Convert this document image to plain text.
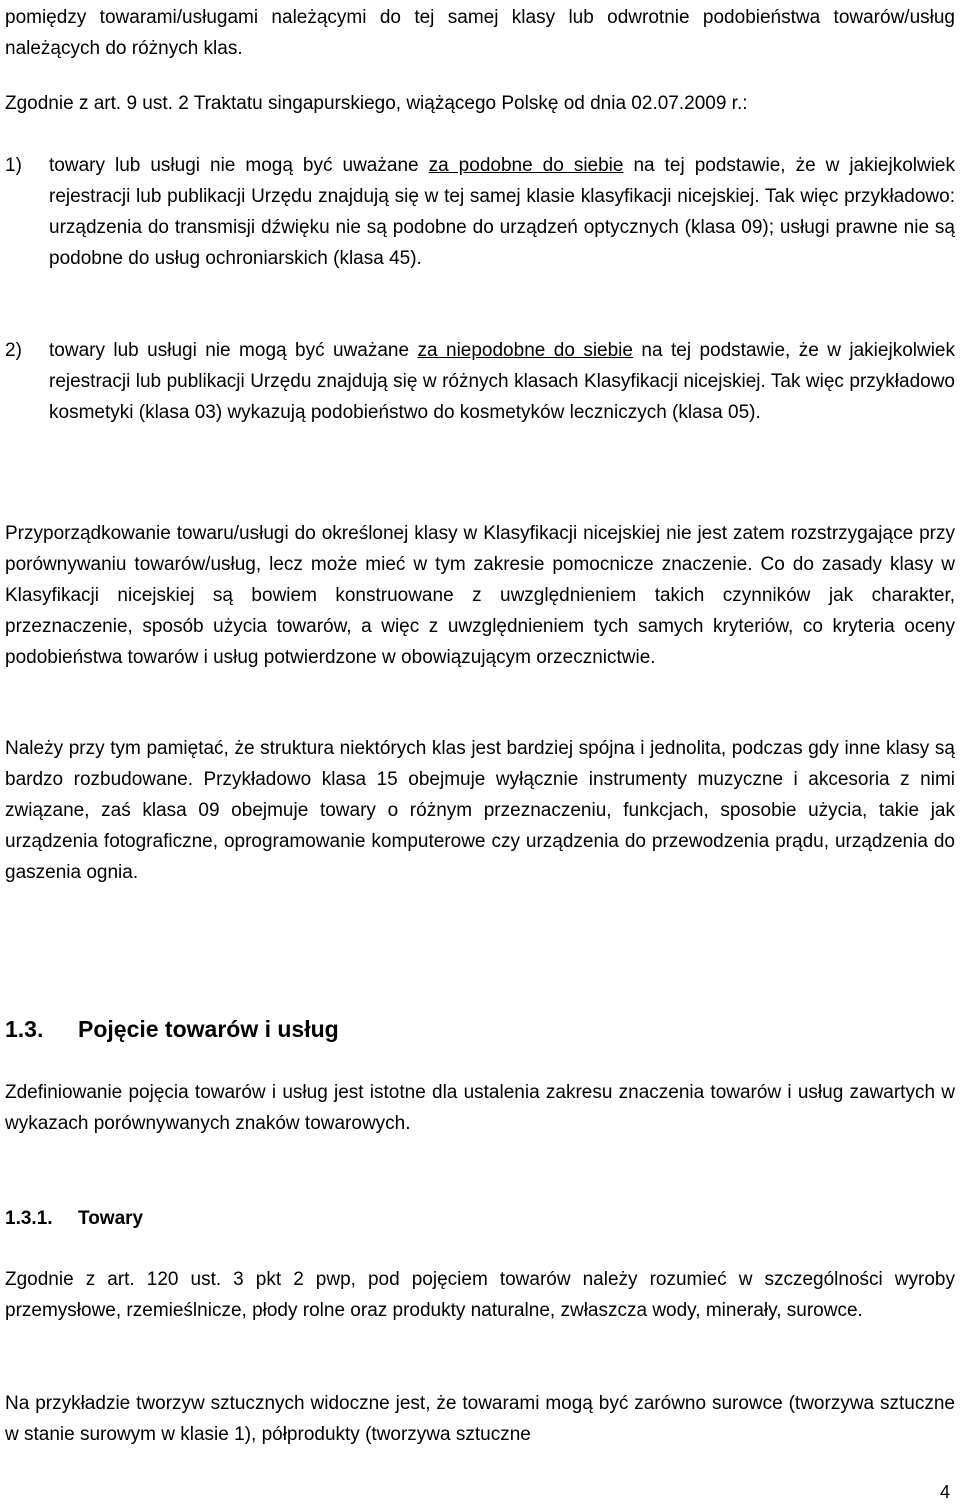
pomiędzy towarami/usługami należącymi do tej samej klasy lub odwrotnie podobieństwa towarów/usług należących do różnych klas.

Zgodnie z art. 9 ust. 2 Traktatu singapurskiego, wiążącego Polskę od dnia 02.07.2009 r.:

1)	towary lub usługi nie mogą być uważane za podobne do siebie na tej podstawie, że w jakiejkolwiek rejestracji lub publikacji Urzędu znajdują się w tej samej klasie klasyfikacji nicejskiej. Tak więc przykładowo: urządzenia do transmisji dźwięku nie są podobne do urządzeń optycznych (klasa 09); usługi prawne nie są podobne do usług ochroniarskich (klasa 45).

2)	towary lub usługi nie mogą być uważane za niepodobne do siebie na tej podstawie, że w jakiejkolwiek rejestracji lub publikacji Urzędu znajdują się w różnych klasach Klasyfikacji nicejskiej. Tak więc przykładowo kosmetyki (klasa 03) wykazują podobieństwo do kosmetyków leczniczych (klasa 05).

Przyporządkowanie towaru/usługi do określonej klasy w Klasyfikacji nicejskiej nie jest zatem rozstrzygające przy porównywaniu towarów/usług, lecz może mieć w tym zakresie pomocnicze znaczenie. Co do zasady klasy w Klasyfikacji nicejskiej są bowiem konstruowane z uwzględnieniem takich czynników jak charakter, przeznaczenie, sposób użycia towarów, a więc z uwzględnieniem tych samych kryteriów, co kryteria oceny podobieństwa towarów i usług potwierdzone w obowiązującym orzecznictwie.

Należy przy tym pamiętać, że struktura niektórych klas jest bardziej spójna i jednolita, podczas gdy inne klasy są bardzo rozbudowane. Przykładowo klasa 15 obejmuje wyłącznie instrumenty muzyczne i akcesoria z nimi związane, zaś klasa 09 obejmuje towary o różnym przeznaczeniu, funkcjach, sposobie użycia, takie jak urządzenia fotograficzne, oprogramowanie komputerowe czy urządzenia do przewodzenia prądu, urządzenia do gaszenia ognia.

1.3. Pojęcie towarów i usług

Zdefiniowanie pojęcia towarów i usług jest istotne dla ustalenia zakresu znaczenia towarów i usług zawartych w wykazach porównywanych znaków towarowych.

1.3.1. Towary

Zgodnie z art. 120 ust. 3 pkt 2 pwp, pod pojęciem towarów należy rozumieć w szczególności wyroby przemysłowe, rzemieślnicze, płody rolne oraz produkty naturalne, zwłaszcza wody, minerały, surowce.

Na przykładzie tworzyw sztucznych widoczne jest, że towarami mogą być zarówno surowce (tworzywa sztuczne w stanie surowym w klasie 1), półprodukty (tworzywa sztuczne

4
